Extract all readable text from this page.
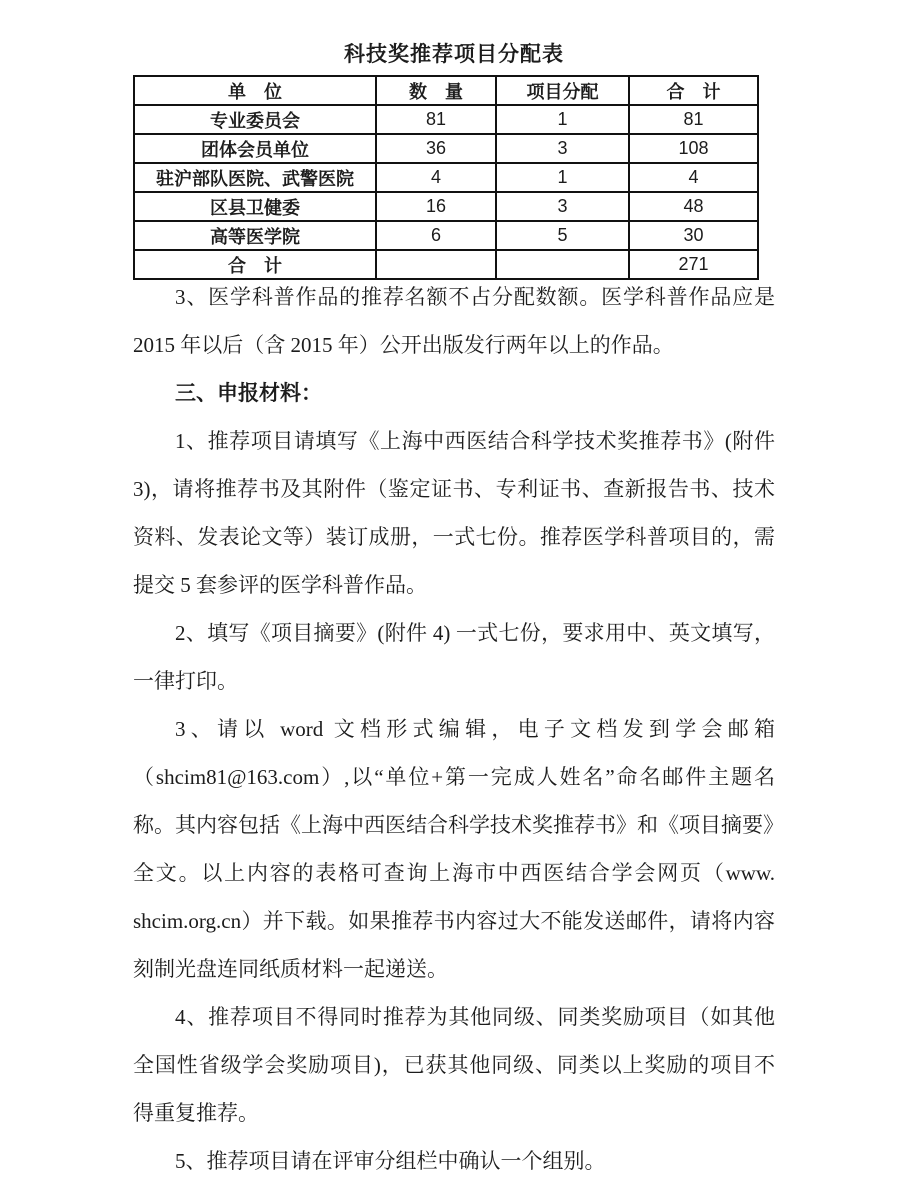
科技奖推荐项目分配表
单　位	数　量	项目分配	合　计
专业委员会	81	1	81
团体会员单位	36	3	108
驻沪部队医院、武警医院	4	1	4
区县卫健委	16	3	48
高等医学院	6	5	30
合　计			271
3、医学科普作品的推荐名额不占分配数额。医学科普作品应是
2015 年以后（含 2015 年）公开出版发行两年以上的作品。
三、申报材料：
1、推荐项目请填写《上海中西医结合科学技术奖推荐书》(附件
3)，请将推荐书及其附件（鉴定证书、专利证书、查新报告书、技术
资料、发表论文等）装订成册，一式七份。推荐医学科普项目的，需
提交 5 套参评的医学科普作品。
2、填写《项目摘要》(附件 4) 一式七份，要求用中、英文填写，
一律打印。
3、请以 word 文档形式编辑，电子文档发到学会邮箱
（shcim81@163.com）,以“单位+第一完成人姓名”命名邮件主题名
称。其内容包括《上海中西医结合科学技术奖推荐书》和《项目摘要》
全文。以上内容的表格可查询上海市中西医结合学会网页（www.
shcim.org.cn）并下载。如果推荐书内容过大不能发送邮件，请将内容
刻制光盘连同纸质材料一起递送。
4、推荐项目不得同时推荐为其他同级、同类奖励项目（如其他
全国性省级学会奖励项目)，已获其他同级、同类以上奖励的项目不
得重复推荐。
5、推荐项目请在评审分组栏中确认一个组别。
